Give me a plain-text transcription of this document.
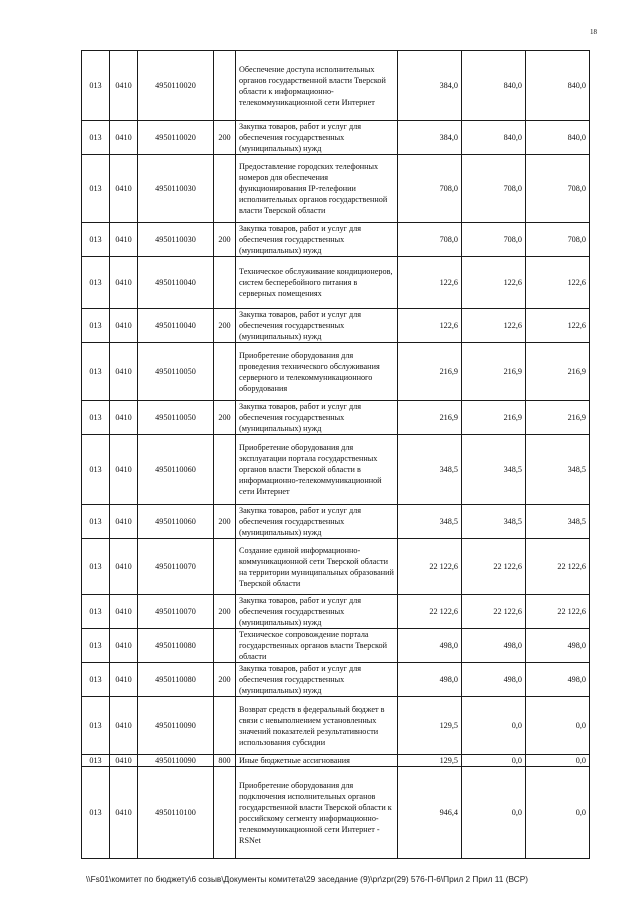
18
013	0410	4950110020		Обеспечение доступа исполнительных органов государственной власти Тверской области к информационно-телекоммуникационной сети Интернет	384,0	840,0	840,0
013	0410	4950110020	200	Закупка товаров, работ и услуг для обеспечения государственных (муниципальных) нужд	384,0	840,0	840,0
013	0410	4950110030		Предоставление городских телефонных номеров для обеспечения функционирования IP-телефонии исполнительных органов государственной власти Тверской области	708,0	708,0	708,0
013	0410	4950110030	200	Закупка товаров, работ и услуг для обеспечения государственных (муниципальных) нужд	708,0	708,0	708,0
013	0410	4950110040		Техническое обслуживание кондиционеров, систем бесперебойного питания в серверных помещениях	122,6	122,6	122,6
013	0410	4950110040	200	Закупка товаров, работ и услуг для обеспечения государственных (муниципальных) нужд	122,6	122,6	122,6
013	0410	4950110050		Приобретение оборудования для проведения технического обслуживания серверного и телекоммуникационного оборудования	216,9	216,9	216,9
013	0410	4950110050	200	Закупка товаров, работ и услуг для обеспечения государственных (муниципальных) нужд	216,9	216,9	216,9
013	0410	4950110060		Приобретение оборудования для эксплуатации портала государственных органов власти Тверской области в информационно-телекоммуникационной сети Интернет	348,5	348,5	348,5
013	0410	4950110060	200	Закупка товаров, работ и услуг для обеспечения государственных (муниципальных) нужд	348,5	348,5	348,5
013	0410	4950110070		Создание единой информационно-коммуникационной сети Тверской области на территории муниципальных образований Тверской области	22 122,6	22 122,6	22 122,6
013	0410	4950110070	200	Закупка товаров, работ и услуг для обеспечения государственных (муниципальных) нужд	22 122,6	22 122,6	22 122,6
013	0410	4950110080		Техническое сопровождение портала государственных органов власти Тверской области	498,0	498,0	498,0
013	0410	4950110080	200	Закупка товаров, работ и услуг для обеспечения государственных (муниципальных) нужд	498,0	498,0	498,0
013	0410	4950110090		Возврат средств в федеральный бюджет в связи с невыполнением установленных значений показателей результативности использования субсидии	129,5	0,0	0,0
013	0410	4950110090	800	Иные бюджетные ассигнования	129,5	0,0	0,0
013	0410	4950110100		Приобретение оборудования для подключения исполнительных органов государственной власти Тверской области к российскому сегменту информационно-телекоммуникационной сети Интернет - RSNet	946,4	0,0	0,0
\\Fs01\комитет по бюджету\6 созыв\Документы комитета\29 заседание (9)\pr\zpr(29) 576-П-6\Прил 2 Прил 11 (ВСР)
